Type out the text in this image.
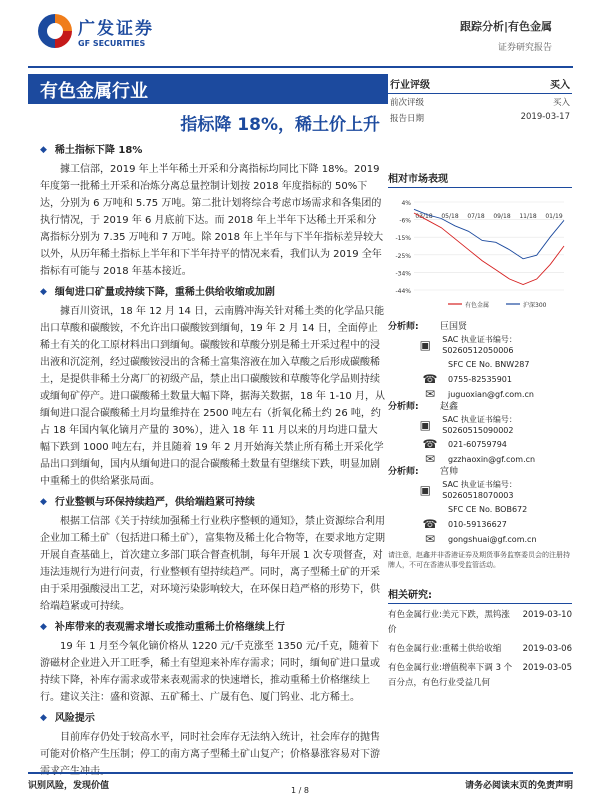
广发证券
GF SECURITIES
跟踪分析|有色金属
证券研究报告
有色金属行业
指标降 18%，稀土价上升
◆ 稀土指标下降 18%

據工信部，2019 年上半年稀土开采和分离指标均同比下降 18%。2019 年度第一批稀土开采和冶炼分离总量控制计划按 2018 年度指标的 50%下达，分别为 6 万吨和 5.75 万吨。第二批计划将综合考虑市场需求和各集团的执行情况，于 2019 年 6 月底前下达。而 2018 年上半年下达稀土开采和分离指标分别为 7.35 万吨和 7 万吨。除 2018 年上半年与下半年指标差异较大以外，从历年稀土指标上半年和下半年持平的情况来看，我们认为 2019 全年指标有可能与 2018 年基本接近。

◆ 缅甸进口矿量或持续下降，重稀土供给收缩或加剧

據百川资讯，18 年 12 月 14 日，云南腾冲海关针对稀土类的化学品只能出口草酸和碳酸铵，不允许出口碳酸铵到缅甸，19 年 2 月 14 日，全面停止稀土有关的化工原材料出口到缅甸。碳酸铵和草酸分别是稀土开采过程中的浸出液和沉淀剂，经过碳酸铵浸出的含稀土富集溶液在加入草酸之后形成碳酸稀土，是提供非稀土分离厂的初级产品，禁止出口碳酸铵和草酸等化学品则持续或缅甸矿停产。进口碳酸稀土数量大幅下降，据海关数据，18 年 1-10 月，从缅甸进口混合碳酸稀土月均量维持在 2500 吨左右（折氧化稀土约 26 吨，约占 18 年国内氧化镝月产量的 30%），进入 18 年 11 月以来的月均进口量大幅下跌到 1000 吨左右，并且随着 19 年 2 月开始海关禁止所有稀土开采化学品出口到缅甸，国内从缅甸进口的混合碳酸稀土数量有望继续下跌，明显加剧中重稀土的供给紧张局面。

◆ 行业整顿与环保持续趋严，供给端趋紧可持续

根据工信部《关于持续加强稀土行业秩序整顿的通知》，禁止资源综合利用企业加工稀土矿（包括进口稀土矿），富集物及稀土化合物等，在要求地方定期开展自查基础上，首次建立多部门联合督查机制，每年开展 1 次专项督查，对违法违规行为进行问责，行业整顿有望持续趋严。同时，离子型稀土矿的开采由于采用强酸浸出工艺，对环境污染影响较大，在环保日趋严格的形势下，供给端趋紧或可持续。

◆ 补库带来的表观需求增长或推动重稀土价格继续上行

19 年 1 月至今氧化镝价格从 1220 元/千克涨至 1350 元/千克，随着下游磁材企业进入开工旺季，稀土有望迎来补库存需求；同时，缅甸矿进口量或持续下降，补库存需求或带来表观需求的快速增长，推动重稀土价格继续上行。建议关注：盛和资源、五矿稀土、广晟有色、厦门钨业、北方稀土。

◆ 风险提示

目前库存仍处于较高水平，同时社会库存无法纳入统计，社会库存的抛售可能对价格产生压制；停工的南方离子型稀土矿山复产；价格暴涨容易对下游需求产生冲击。

行业评级	买入
前次评级	买入
报告日期	2019-03-17
相对市场表现
4%
-6%
-15%
-25%
-34%
-44%
03/18 05/18 07/18 09/18 11/18 01/19
有色金属	沪深300
分析师: 巨国贤
▣	SAC 执业证书编号：S0260512050006
SFC CE No. BNW287
☎	0755-82535901
✉	juguoxian@gf.com.cn
分析师: 赵鑫
▣	SAC 执业证书编号：S0260515090002
☎	021-60759794
✉	gzzhaoxin@gf.com.cn
分析师: 宫帅
▣	SAC 执业证书编号：S0260518070003
SFC CE No. BOB672
☎	010-59136627
✉	gongshuai@gf.com.cn
请注意，赵鑫并非香港证券及期货事务监察委员会的注册持牌人，不可在香港从事受监管活动。
相关研究:
有色金属行业:美元下跌，黑钨涨价
2019-03-10
有色金属行业:重稀土供给收缩	2019-03-06
有色金属行业:增值税率下调 3 个百分点，有色行业受益几何
2019-03-05
识别风险，发现价值	请务必阅读末页的免责声明
1 / 8
